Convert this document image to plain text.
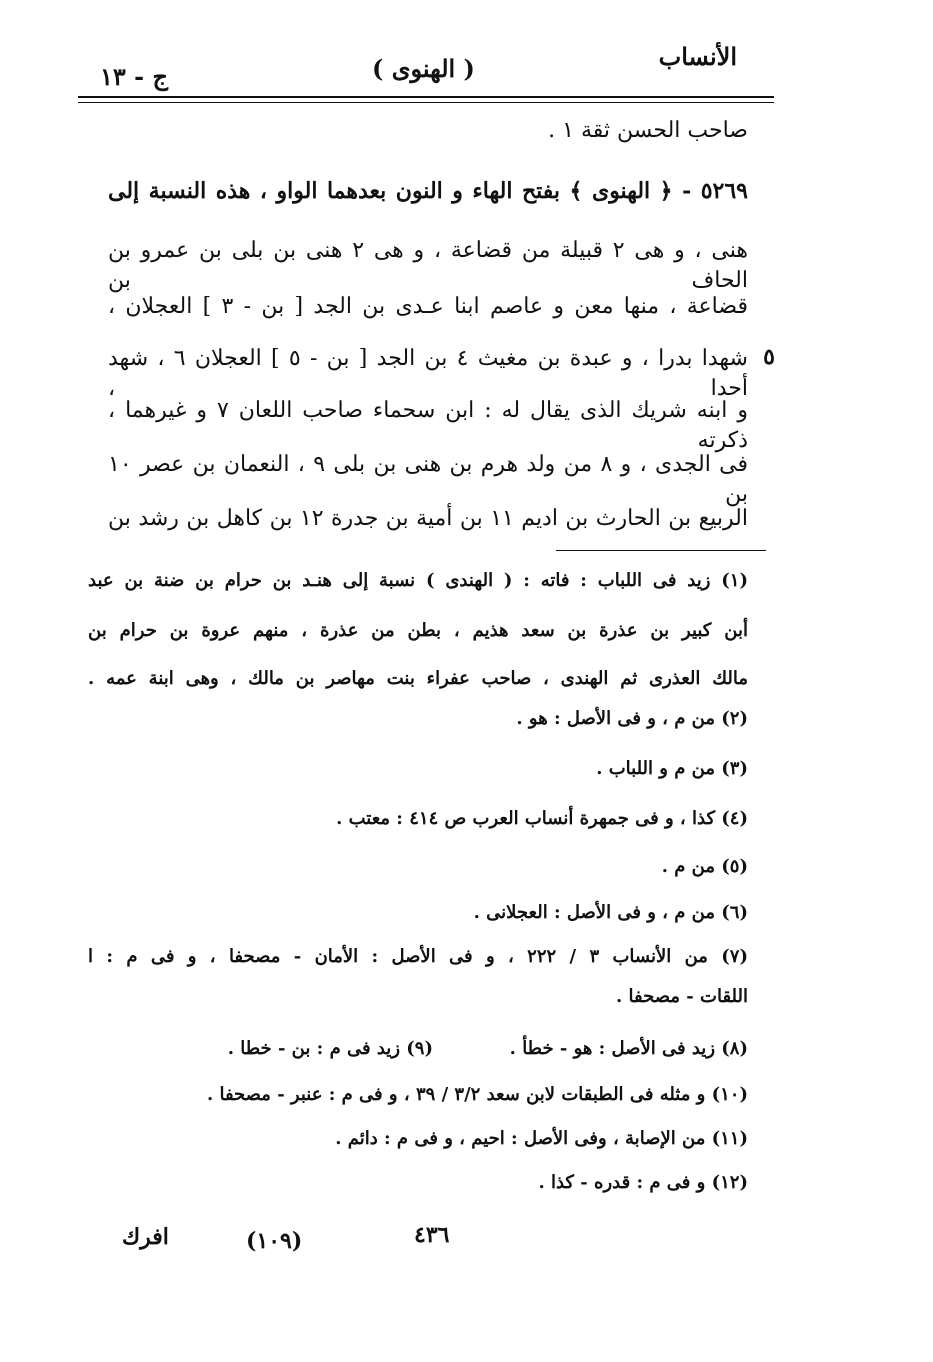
الأنساب
( الهنوى )
ج - ١٣
صاحب الحسن ثقة ١ .
٥٢٦٩ - ﴿ الهنوى ﴾ بفتح الهاء و النون بعدهما الواو ، هذه النسبة إلى
هنى ، و هى ٢ قبيلة من قضاعة ، و هى ٢ هنى بن بلى بن عمرو بن الحاف بن
قضاعة ، منها معن و عاصم ابنا عـدى بن الجد [ بن - ٣ ] العجلان ،
شهدا بدرا ، و عبدة بن مغيث ٤ بن الجد [ بن - ٥ ] العجلان ٦ ، شهد أحدا ،
و ابنه شريك الذى يقال له : ابن سحماء صاحب اللعان ٧ و غيرهما ، ذكرته
فى الجدى ، و ٨ من ولد هرم بن هنى بن بلى ٩ ، النعمان بن عصر ١٠ بن
الربيع بن الحارث بن اديم ١١ بن أمية بن جدرة ١٢ بن كاهل بن رشد بن
٥
(١) زيد فى اللباب : فاته : ( الهندى ) نسبة إلى هنـد بن حرام بن ضنة بن عبد
أبن كبير بن عذرة بن سعد هذيم ، بطن من عذرة ، منهم عروة بن حرام بن
مالك العذرى ثم الهندى ، صاحب عفراء بنت مهاصر بن مالك ، وهى ابنة عمه .
(٢) من م ، و فى الأصل : هو .
(٣) من م و اللباب .
(٤) كذا ، و فى جمهرة أنساب العرب ص ٤١٤ : معتب .
(٥) من م .
(٦) من م ، و فى الأصل : العجلانى .
(٧) من الأنساب ٣ / ٢٢٢ ، و فى الأصل : الأمان - مصحفا ، و فى م : ا
اللقات - مصحفا .
(٨) زيد فى الأصل : هو - خطأ .
(٩) زيد فى م : بن - خطا .
(١٠) و مثله فى الطبقات لابن سعد ٣/٢ / ٣٩ ، و فى م : عنبر - مصحفا .
(١١) من الإصابة ، وفى الأصل : احيم ، و فى م : دائم .
(١٢) و فى م : قدره - كذا .
٤٣٦
(١٠٩)
افرك
